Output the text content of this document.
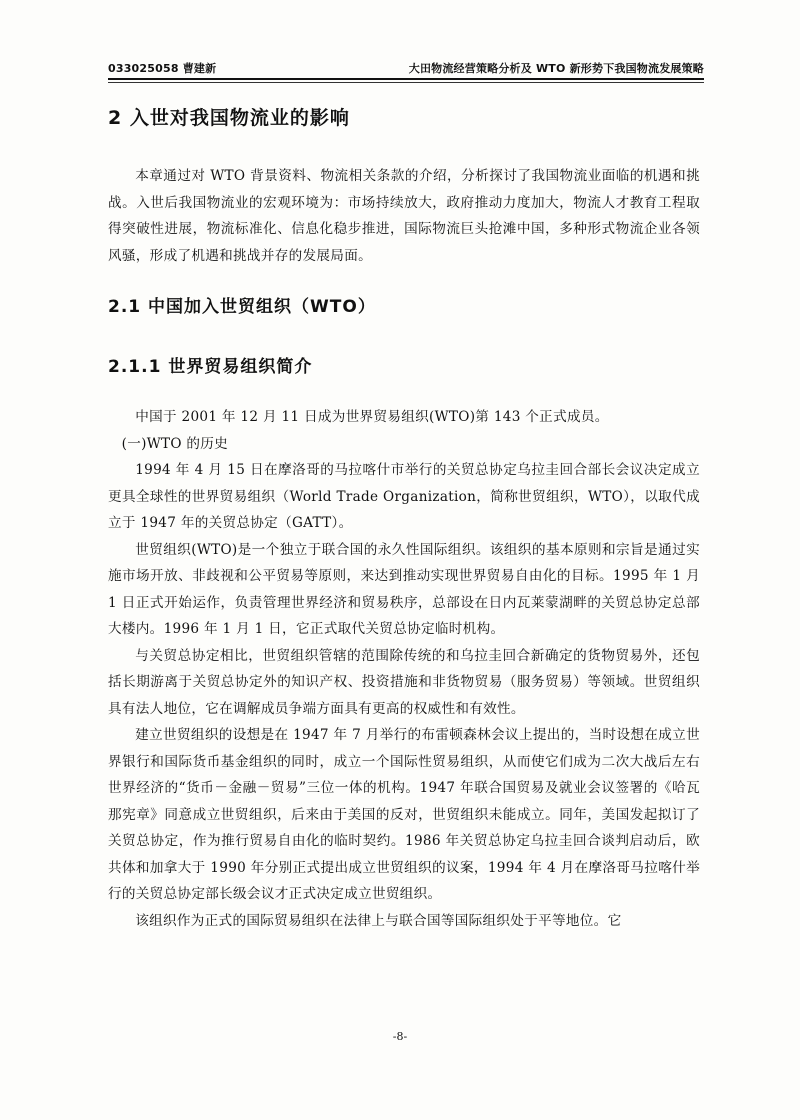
033025058 曹建新	大田物流经营策略分析及 WTO 新形势下我国物流发展策略
2 入世对我国物流业的影响

本章通过对 WTO 背景资料、物流相关条款的介绍，分析探讨了我国物流业面临的机遇和挑战。入世后我国物流业的宏观环境为：市场持续放大，政府推动力度加大，物流人才教育工程取得突破性进展，物流标准化、信息化稳步推进，国际物流巨头抢滩中国，多种形式物流企业各领风骚，形成了机遇和挑战并存的发展局面。

2.1 中国加入世贸组织（WTO）
2.1.1 世界贸易组织简介

中国于 2001 年 12 月 11 日成为世界贸易组织(WTO)第 143 个正式成员。

(一)WTO 的历史

1994 年 4 月 15 日在摩洛哥的马拉喀什市举行的关贸总协定乌拉圭回合部长会议决定成立更具全球性的世界贸易组织（World Trade Organization，简称世贸组织，WTO），以取代成立于 1947 年的关贸总协定（GATT）。

世贸组织(WTO)是一个独立于联合国的永久性国际组织。该组织的基本原则和宗旨是通过实施市场开放、非歧视和公平贸易等原则，来达到推动实现世界贸易自由化的目标。1995 年 1 月 1 日正式开始运作，负责管理世界经济和贸易秩序，总部设在日内瓦莱蒙湖畔的关贸总协定总部大楼内。1996 年 1 月 1 日，它正式取代关贸总协定临时机构。

与关贸总协定相比，世贸组织管辖的范围除传统的和乌拉圭回合新确定的货物贸易外，还包括长期游离于关贸总协定外的知识产权、投资措施和非货物贸易（服务贸易）等领域。世贸组织具有法人地位，它在调解成员争端方面具有更高的权威性和有效性。

建立世贸组织的设想是在 1947 年 7 月举行的布雷顿森林会议上提出的，当时设想在成立世界银行和国际货币基金组织的同时，成立一个国际性贸易组织，从而使它们成为二次大战后左右世界经济的“货币－金融－贸易”三位一体的机构。1947 年联合国贸易及就业会议签署的《哈瓦那宪章》同意成立世贸组织，后来由于美国的反对，世贸组织未能成立。同年，美国发起拟订了关贸总协定，作为推行贸易自由化的临时契约。1986 年关贸总协定乌拉圭回合谈判启动后，欧共体和加拿大于 1990 年分别正式提出成立世贸组织的议案，1994 年 4 月在摩洛哥马拉喀什举行的关贸总协定部长级会议才正式决定成立世贸组织。

该组织作为正式的国际贸易组织在法律上与联合国等国际组织处于平等地位。它

-8-
